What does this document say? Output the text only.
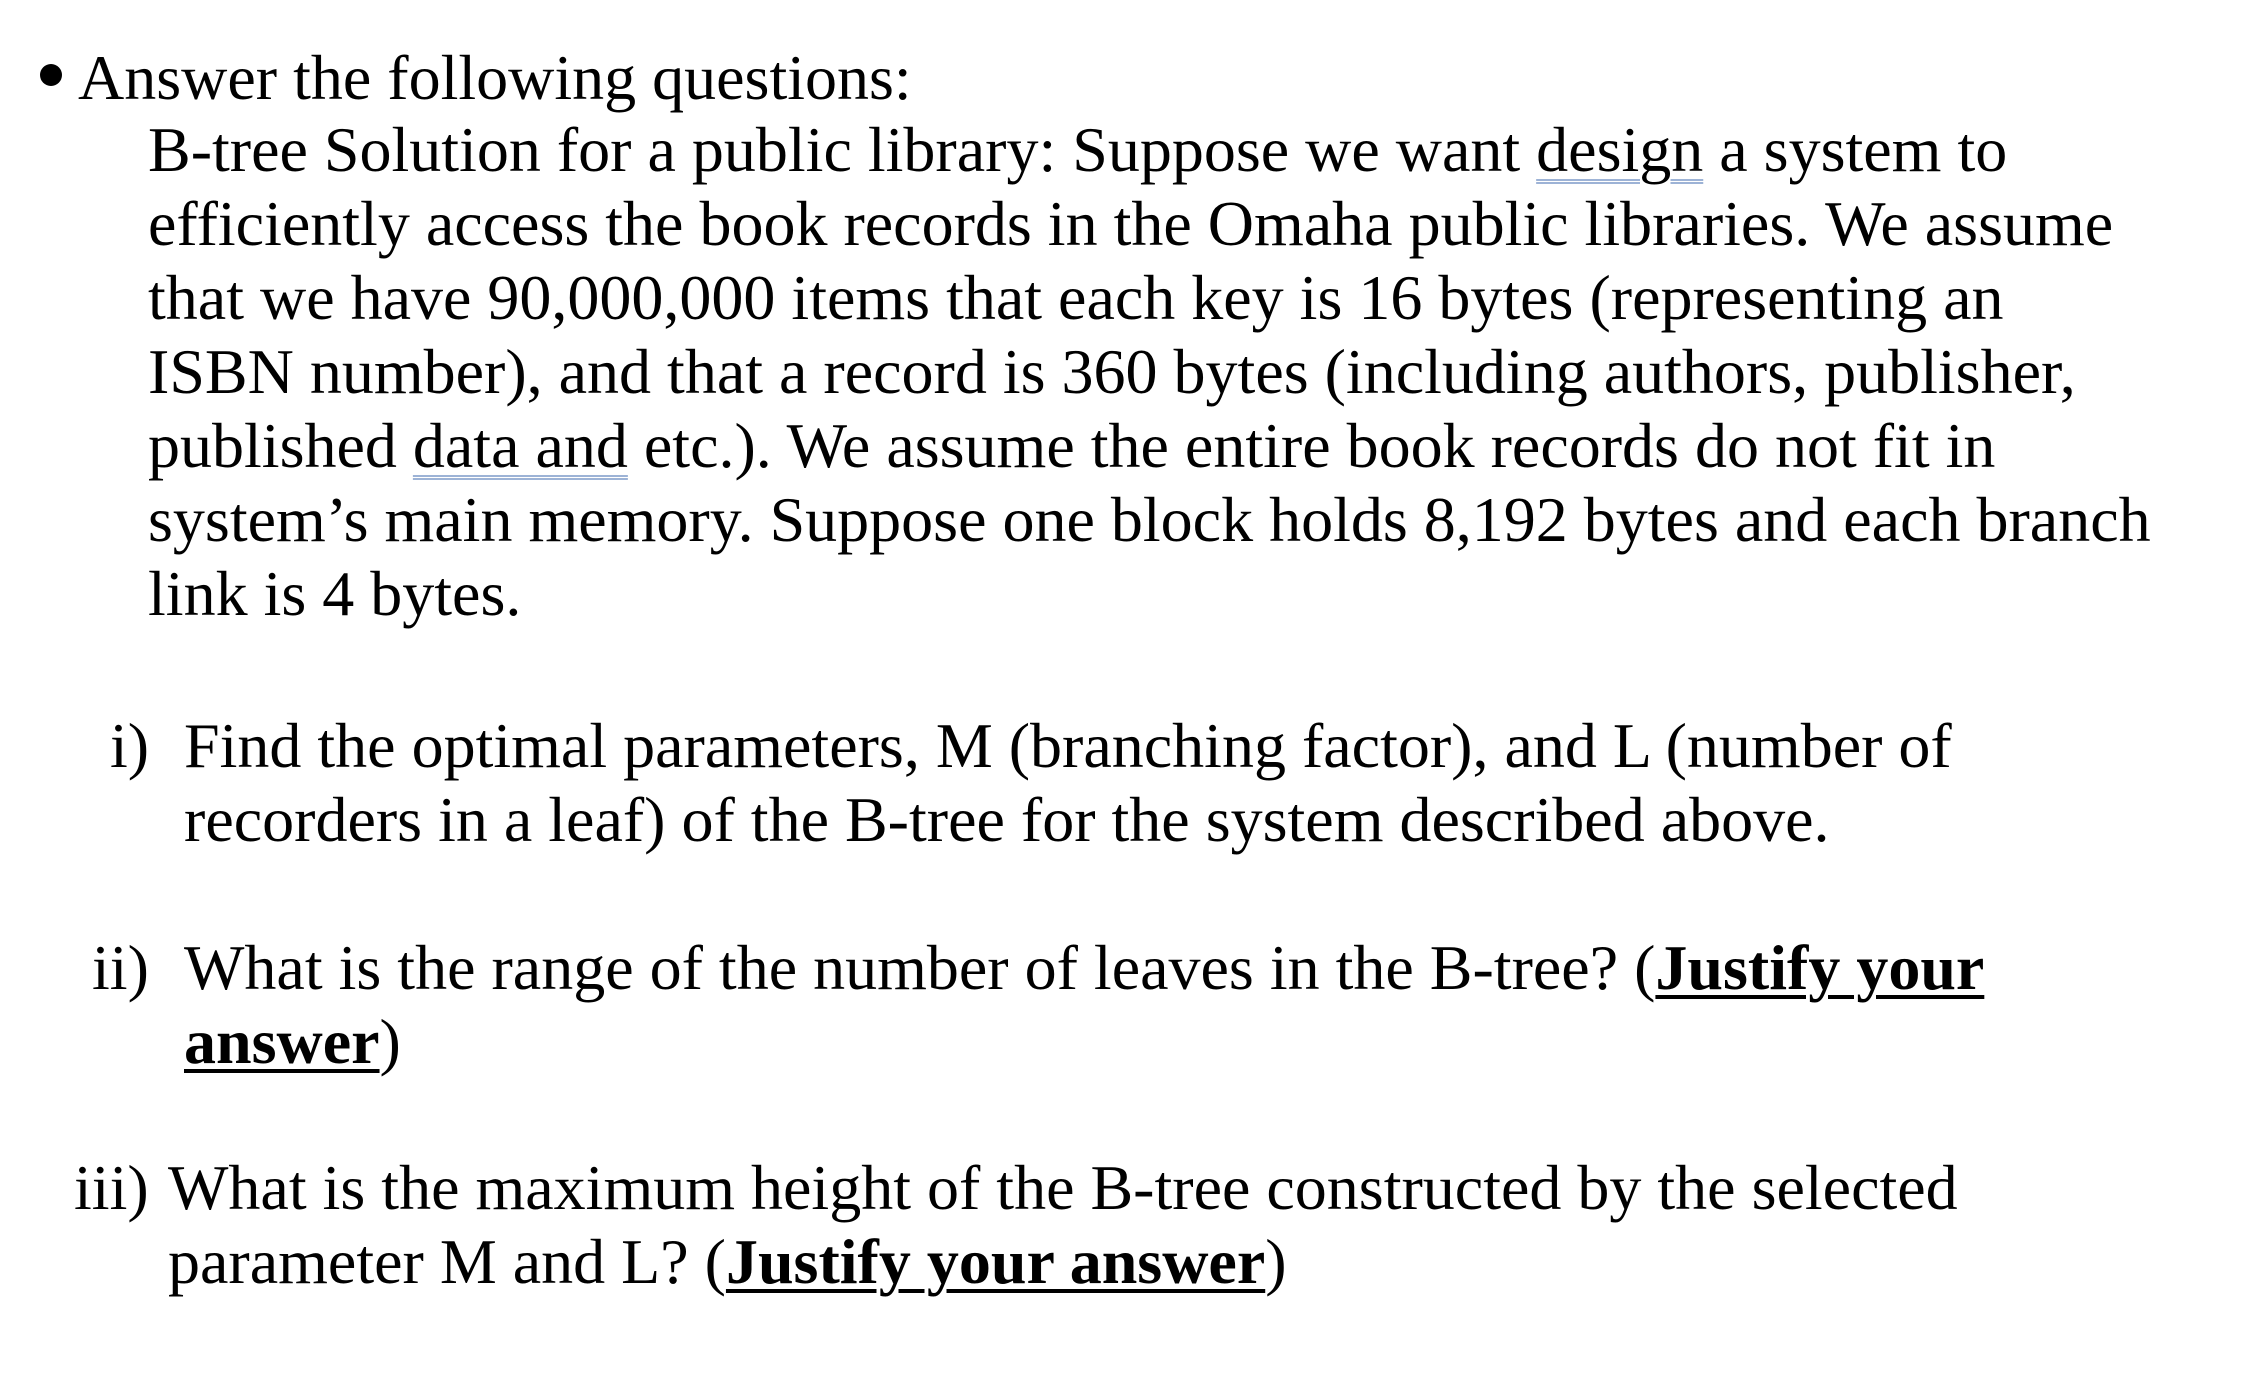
Answer the following questions:
B-tree Solution for a public library: Suppose we want design a system to
efficiently access the book records in the Omaha public libraries. We assume
that we have 90,000,000 items that each key is 16 bytes (representing an
ISBN number), and that a record is 360 bytes (including authors, publisher,
published data and etc.). We assume the entire book records do not fit in
system’s main memory. Suppose one block holds 8,192 bytes and each branch
link is 4 bytes.
i) Find the optimal parameters, M (branching factor), and L (number of
recorders in a leaf) of the B-tree for the system described above.
ii) What is the range of the number of leaves in the B-tree? (Justify your
answer)
iii) What is the maximum height of the B-tree constructed by the selected
parameter M and L? (Justify your answer)
